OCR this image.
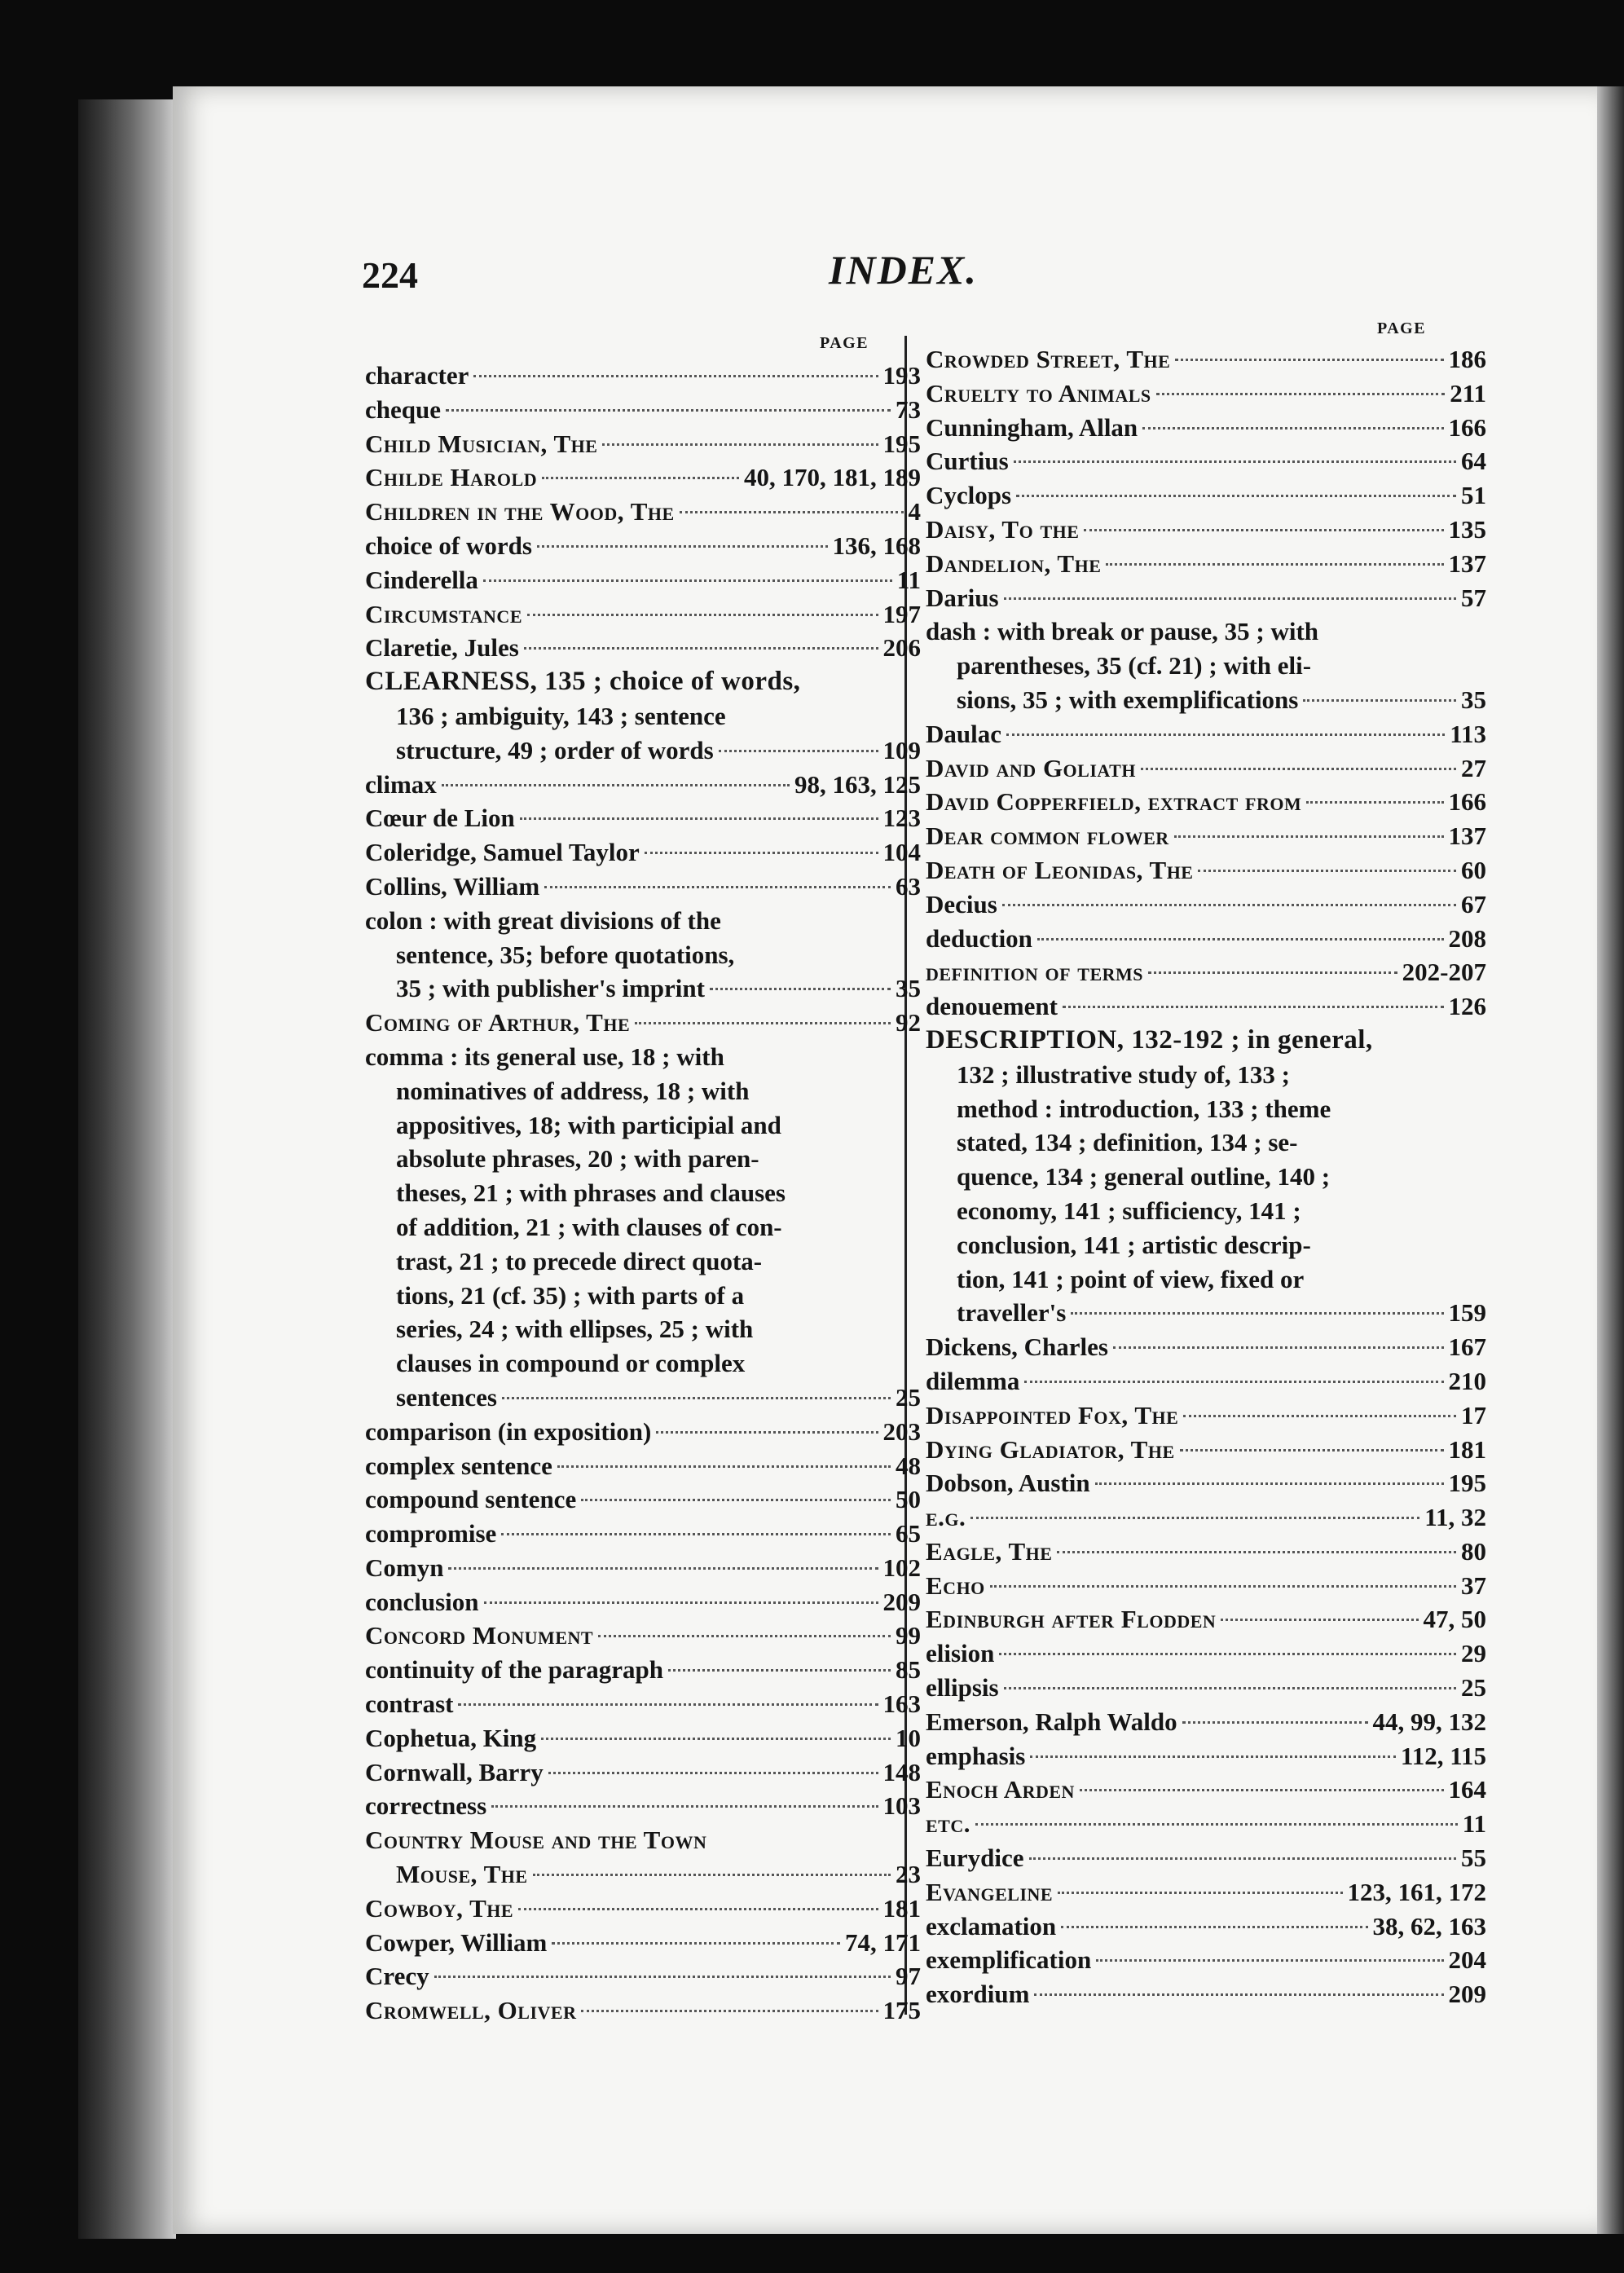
224	INDEX.
PAGE
PAGE
character	193
cheque	73
Child Musician, The	195
Childe Harold	40, 170, 181, 189
Children in the Wood, The	4
choice of words	136, 168
Cinderella	11
Circumstance	197
Claretie, Jules	206
CLEARNESS, 135 ; choice of words,
136 ; ambiguity, 143 ; sentence
structure, 49 ; order of words	109
climax	98, 163, 125
Cœur de Lion	123
Coleridge, Samuel Taylor	104
Collins, William	63
colon : with great divisions of the
sentence, 35; before quotations,
35 ; with publisher's imprint	35
Coming of Arthur, The	92
comma : its general use, 18 ; with
nominatives of address, 18 ; with
appositives, 18; with participial and
absolute phrases, 20 ; with paren-
theses, 21 ; with phrases and clauses
of addition, 21 ; with clauses of con-
trast, 21 ; to precede direct quota-
tions, 21 (cf. 35) ; with parts of a
series, 24 ; with ellipses, 25 ; with
clauses in compound or complex
sentences	25
comparison (in exposition)	203
complex sentence	48
compound sentence	50
compromise	65
Comyn	102
conclusion	209
Concord Monument	99
continuity of the paragraph	85
contrast	163
Cophetua, King	10
Cornwall, Barry	148
correctness	103
Country Mouse and the Town
Mouse, The	23
Cowboy, The	181
Cowper, William	74, 171
Crecy	97
Cromwell, Oliver	175
Crowded Street, The	186
Cruelty to Animals	211
Cunningham, Allan	166
Curtius	64
Cyclops	51
Daisy, To the	135
Dandelion, The	137
Darius	57
dash : with break or pause, 35 ; with
parentheses, 35 (cf. 21) ; with eli-
sions, 35 ; with exemplifications	35
Daulac	113
David and Goliath	27
David Copperfield, extract from	166
Dear common flower	137
Death of Leonidas, The	60
Decius	67
deduction	208
definition of terms	202-207
denouement	126
DESCRIPTION, 132-192 ; in general,
132 ; illustrative study of, 133 ;
method : introduction, 133 ; theme
stated, 134 ; definition, 134 ; se-
quence, 134 ; general outline, 140 ;
economy, 141 ; sufficiency, 141 ;
conclusion, 141 ; artistic descrip-
tion, 141 ; point of view, fixed or
traveller's	159
Dickens, Charles	167
dilemma	210
Disappointed Fox, The	17
Dying Gladiator, The	181
Dobson, Austin	195
e.g.	11, 32
Eagle, The	80
Echo	37
Edinburgh after Flodden	47, 50
elision	29
ellipsis	25
Emerson, Ralph Waldo	44, 99, 132
emphasis	112, 115
Enoch Arden	164
etc.	11
Eurydice	55
Evangeline	123, 161, 172
exclamation	38, 62, 163
exemplification	204
exordium	209
